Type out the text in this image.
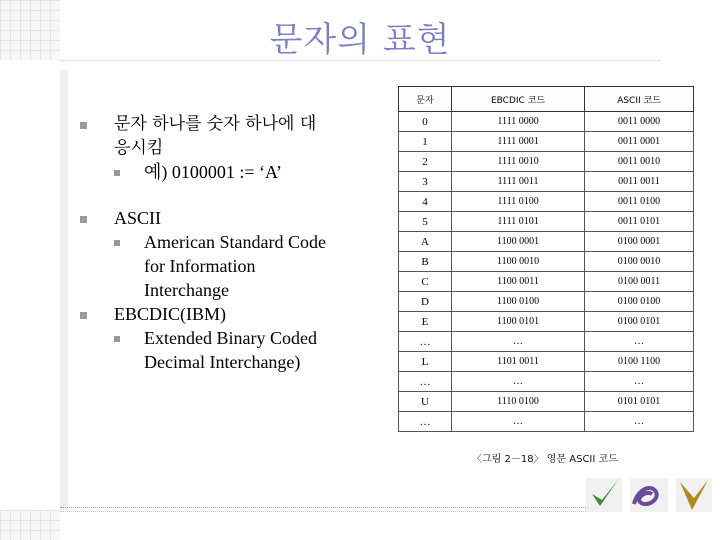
문자의 표현
문자 하나를 숫자 하나에 대
응시킴
예) 0100001 := ‘A’
ASCII
American Standard Code
for Information
Interchange
EBCDIC(IBM)
Extended Binary Coded
Decimal Interchange)
문자	EBCDIC 코드	ASCII 코드
0	1111 0000	0011 0000
1	1111 0001	0011 0001
2	1111 0010	0011 0010
3	1111 0011	0011 0011
4	1111 0100	0011 0100
5	1111 0101	0011 0101
A	1100 0001	0100 0001
B	1100 0010	0100 0010
C	1100 0011	0100 0011
D	1100 0100	0100 0100
E	1100 0101	0100 0101
…	…	…
L	1101 0011	0100 1100
…	…	…
U	1110 0100	0101 0101
…	…	…
〈그림 2－18〉 영문 ASCII 코드
